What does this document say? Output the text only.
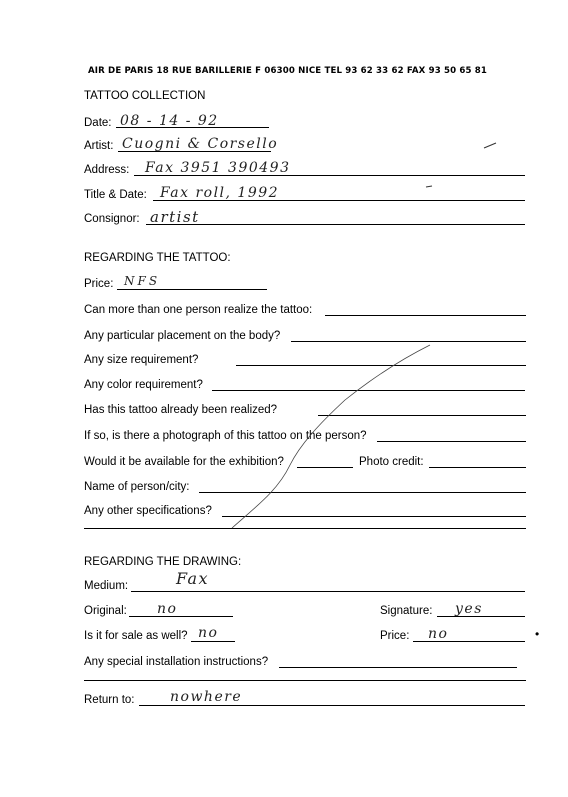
AIR DE PARIS 18 RUE BARILLERIE F 06300 NICE TEL 93 62 33 62 FAX 93 50 65 81
TATTOO COLLECTION
Date: 08 - 14 - 92
Artist: Cuogni & Corsello
Address: Fax 3951 390493
Title & Date: Fax roll, 1992
Consignor: artist
REGARDING THE TATTOO:
Price: NFS
Can more than one person realize the tattoo:
Any particular placement on the body?
Any size requirement?
Any color requirement?
Has this tattoo already been realized?
If so, is there a photograph of this tattoo on the person?
Would it be available for the exhibition?	Photo credit:
Name of person/city:
Any other specifications?
REGARDING THE DRAWING:
Medium:	Fax
Original: no	Signature: yes
Is it for sale as well? no	Price: no	•
Any special installation instructions?
Return to:	nowhere
